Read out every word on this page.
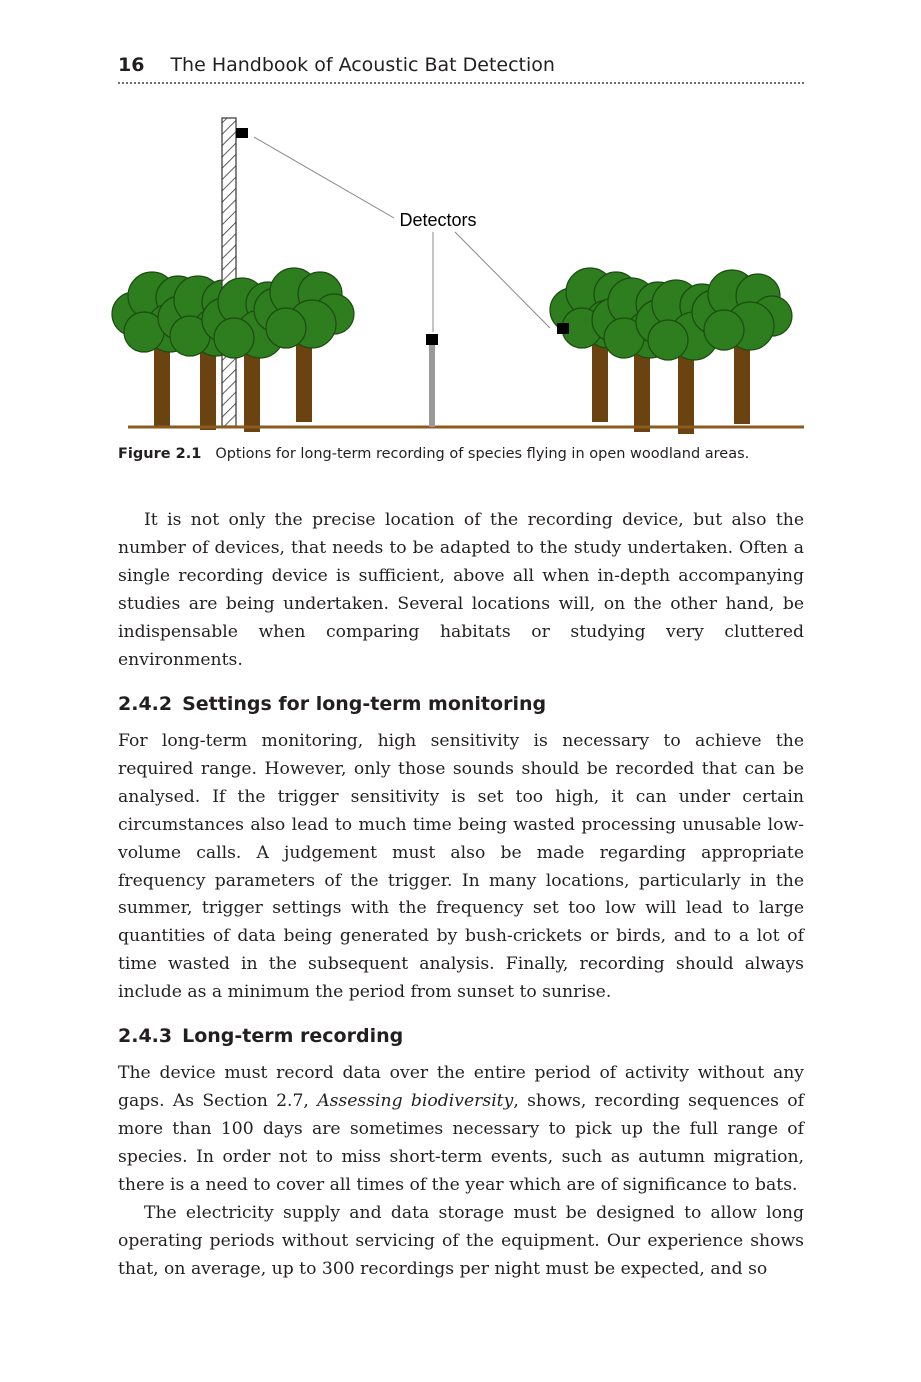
16 The Handbook of Acoustic Bat Detection
Detectors
Figure 2.1 Options for long-term recording of species flying in open woodland areas.

It is not only the precise location of the recording device, but also the number of devices, that needs to be adapted to the study undertaken. Often a single recording device is sufficient, above all when in-depth accompanying studies are being undertaken. Several locations will, on the other hand, be indispensable when comparing habitats or studying very cluttered environments.

2.4.2 Settings for long-term monitoring

For long-term monitoring, high sensitivity is necessary to achieve the required range. However, only those sounds should be recorded that can be analysed. If the trigger sensitivity is set too high, it can under certain circumstances also lead to much time being wasted processing unusable low-volume calls. A judgement must also be made regarding appropriate frequency parameters of the trigger. In many locations, particularly in the summer, trigger settings with the frequency set too low will lead to large quantities of data being generated by bush-crickets or birds, and to a lot of time wasted in the subsequent analysis. Finally, recording should always include as a minimum the period from sunset to sunrise.

2.4.3 Long-term recording

The device must record data over the entire period of activity without any gaps. As Section 2.7, Assessing biodiversity, shows, recording sequences of more than 100 days are sometimes necessary to pick up the full range of species. In order not to miss short-term events, such as autumn migration, there is a need to cover all times of the year which are of significance to bats.

The electricity supply and data storage must be designed to allow long operating periods without servicing of the equipment. Our experience shows that, on average, up to 300 recordings per night must be expected, and so
